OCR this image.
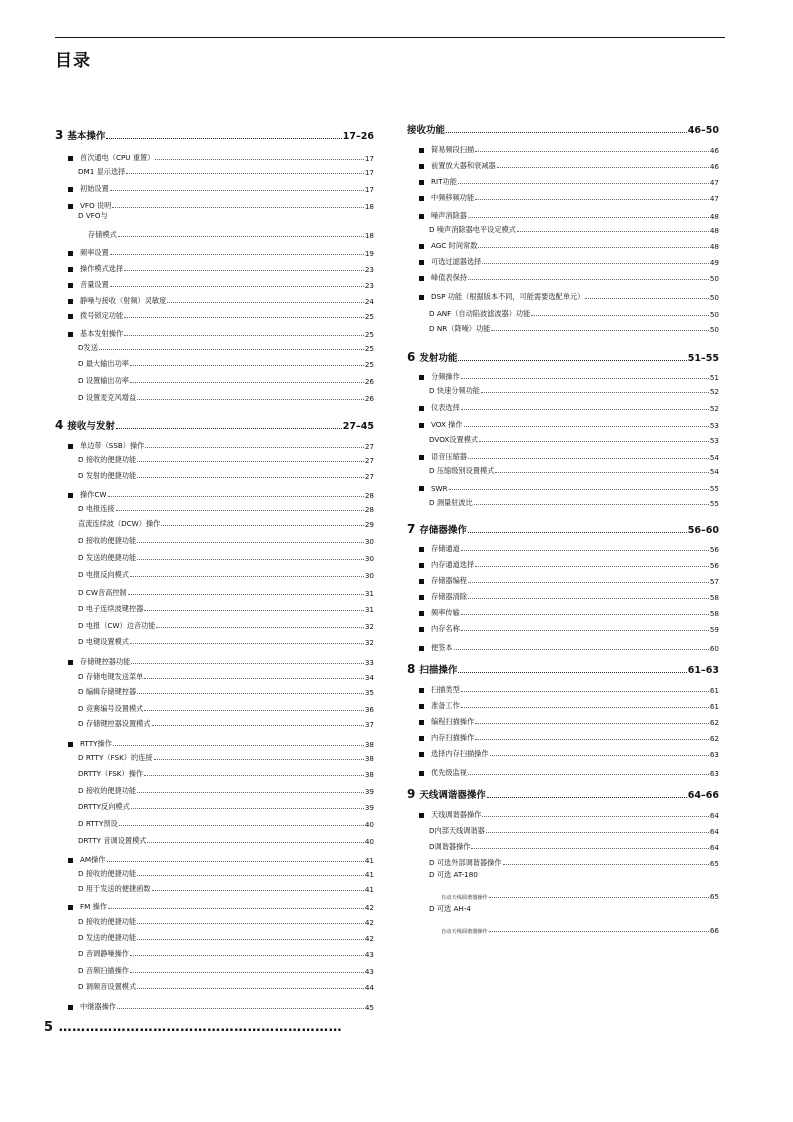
目录
3 基本操作	17–26
首次通电（CPU 重置）	17
DM1 显示选择	17
初始设置	17
VFO 说明	18
D VFO与
存储模式	18
频率设置	19
操作模式选择	23
音量设置	23
静噪与接收（射频）灵敏度	24
拨号锁定功能	25
基本发射操作	25
D发送	25
D 最大输出功率	25
D 设置输出功率	26
D 设置麦克风增益	26
4 接收与发射	27–45
单边带（SSB）操作	27
D 接收的便捷功能	27
D 发射的便捷功能	27
操作CW	28
D 电报连接	28
直流连续波（DCW）操作	29
D 接收的便捷功能	30
D 发送的便捷功能	30
D 电报反向模式	30
D CW音高控制	31
D 电子连续波键控器	31
D 电报（CW）边音功能	32
D 电键设置模式	32
存储键控器功能	33
D 存储电键发送菜单	34
D 编辑存储键控器	35
D 竞赛编号设置模式	36
D 存储键控器设置模式	37
RTTY操作	38
D RTTY（FSK）的连接	38
DRTTY（FSK）操作	38
D 接收的便捷功能	39
DRTTY反向模式	39
D RTTY预设	40
DRTTY 音调设置模式	40
AM操作	41
D 接收的便捷功能	41
D 用于发送的便捷函数	41
FM 操作	42
D 接收的便捷功能	42
D 发送的便捷功能	42
D 音调静噪操作	43
D 音频扫描操作	43
D 调频音设置模式	44
中继器操作	45
接收功能	46–50
简易频段扫描	46
前置放大器和衰减器	46
RIT功能	47
中频移频功能	47
噪声消除器	48
D 噪声消除器电平设定模式	48
AGC 时间常数	48
可选过滤器选择	49
峰值表保持	50
DSP 功能（根据版本不同，可能需要选配单元）	50
D ANF（自动陷波滤波器）功能	50
D NR（降噪）功能	50
6 发射功能	51–55
分频操作	51
D 快速分频功能	52
仪表选择	52
VOX 操作	53
DVOX设置模式	53
语音压缩器	54
D 压缩级别设置模式	54
SWR	55
D 测量驻波比	55
7 存储器操作	56–60
存储通道	56
内存通道选择	56
存储器编程	57
存储器清除	58
频率传输	58
内存名称	59
便签本	60
8 扫描操作	61–63
扫描类型	61
准备工作	61
编程扫描操作	62
内存扫描操作	62
选择内存扫描操作	63
优先级监视	63
9 天线调谐器操作	64–66
天线调谐器操作	64
D内部天线调谐器	64
D调谐器操作	64
D 可选外部调谐器操作	65
D 可选 AT-180
自动天线调谐器操作	65
D 可选 AH-4
自动天线调谐器操作	66
5 ………………………………………………………
